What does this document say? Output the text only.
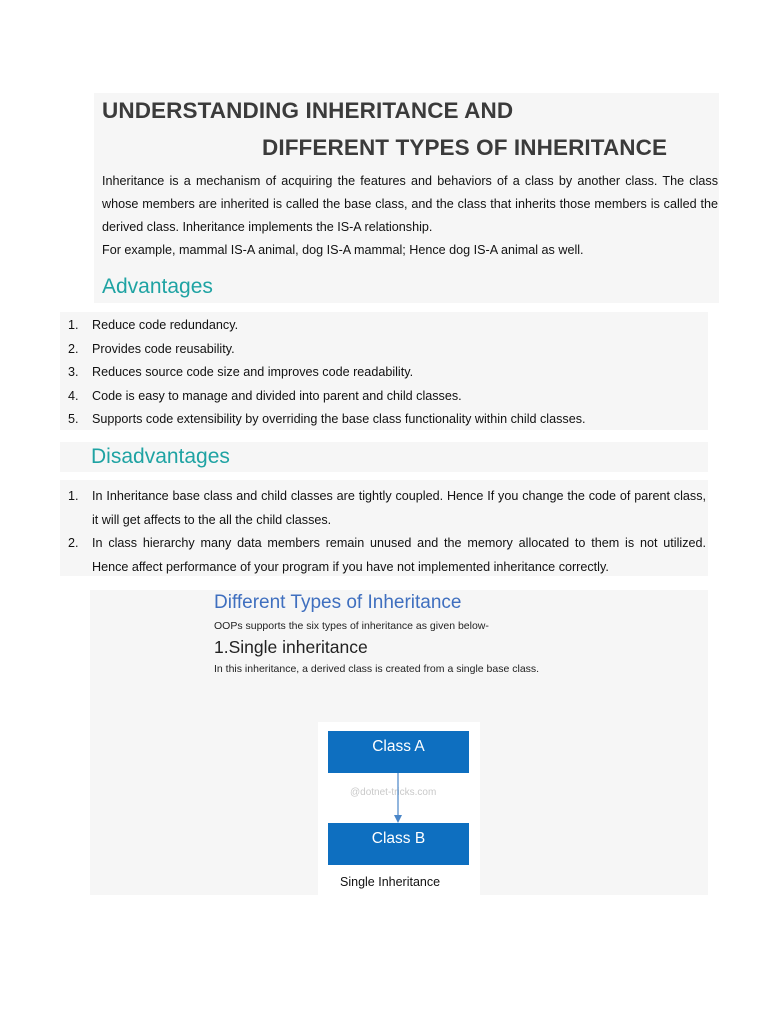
UNDERSTANDING INHERITANCE AND
DIFFERENT TYPES OF INHERITANCE

Inheritance is a mechanism of acquiring the features and behaviors of a class by another class. The class whose members are inherited is called the base class, and the class that inherits those members is called the derived class. Inheritance implements the IS-A relationship.

For example, mammal IS-A animal, dog IS-A mammal; Hence dog IS-A animal as well.

Advantages
1. Reduce code redundancy.
2. Provides code reusability.
3. Reduces source code size and improves code readability.
4. Code is easy to manage and divided into parent and child classes.
5. Supports code extensibility by overriding the base class functionality within child classes.
Disadvantages
1. In Inheritance base class and child classes are tightly coupled. Hence If you change the code of parent class, it will get affects to the all the child classes.
2. In class hierarchy many data members remain unused and the memory allocated to them is not utilized. Hence affect performance of your program if you have not implemented inheritance correctly.
Different Types of Inheritance
OOPs supports the six types of inheritance as given below-
1.Single inheritance
In this inheritance, a derived class is created from a single base class.
@dotnet-tricks.com
Class A
Class B
Single Inheritance
